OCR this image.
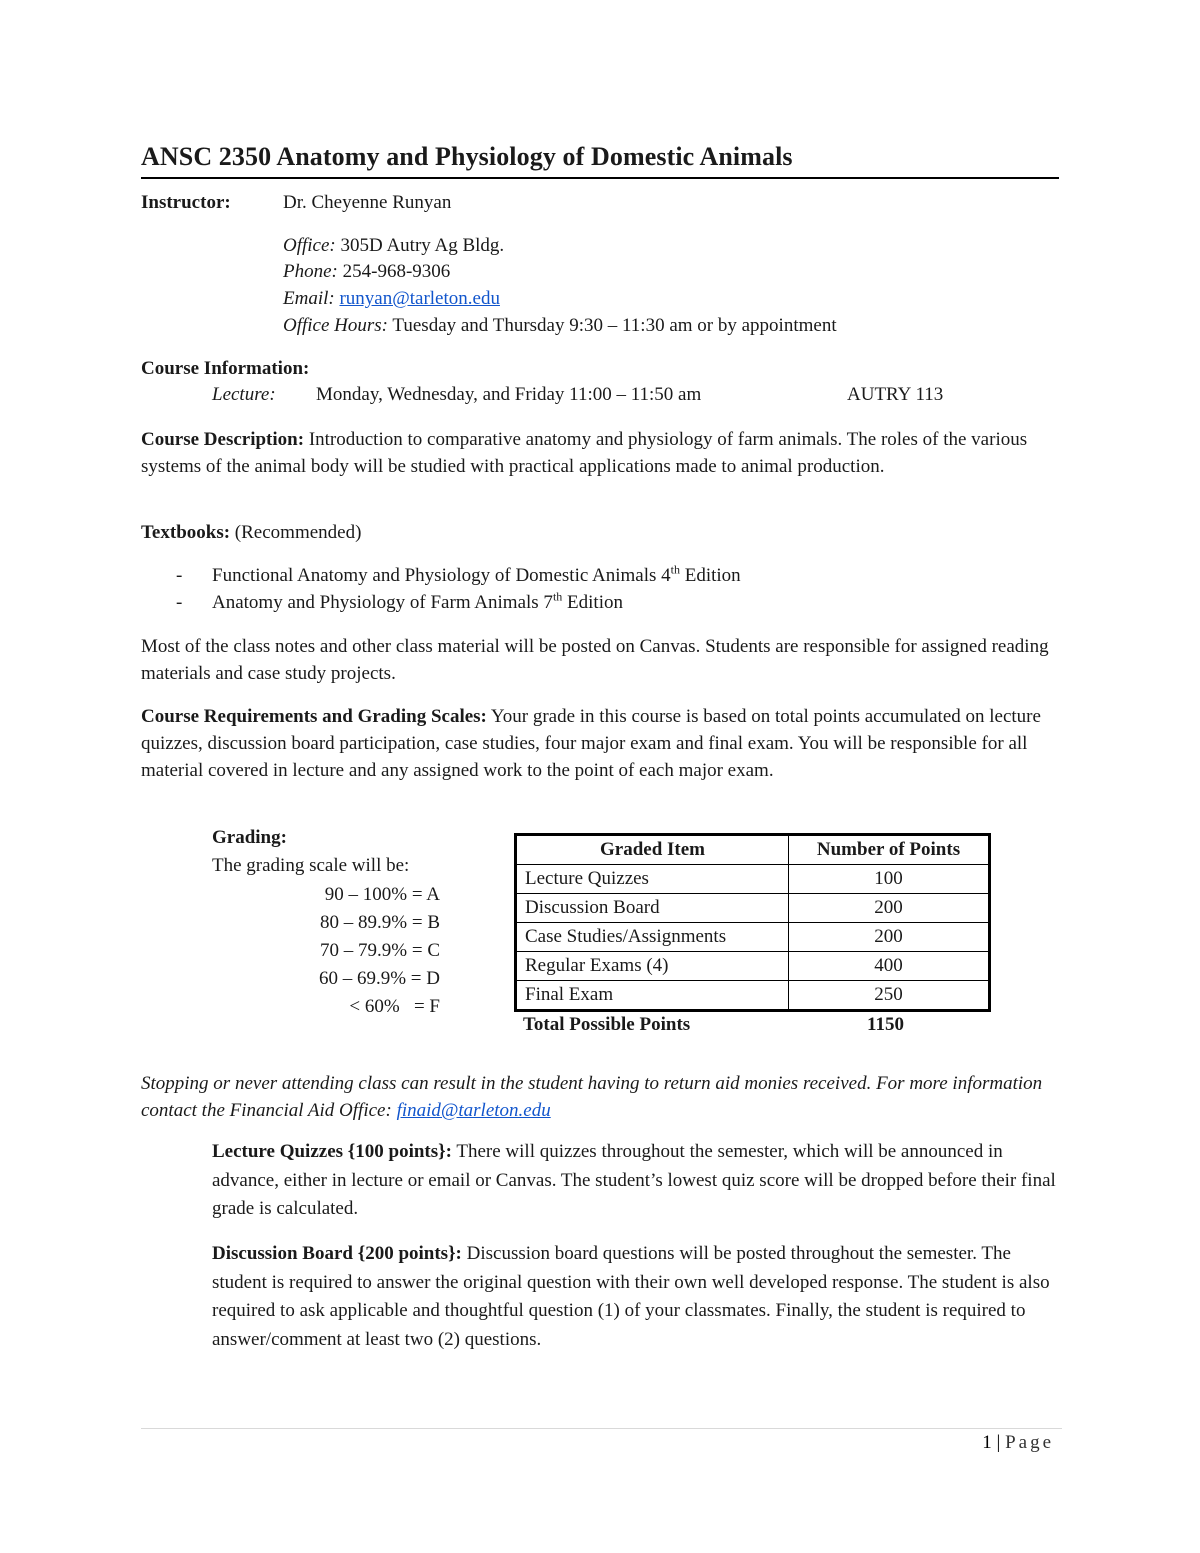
ANSC 2350 Anatomy and Physiology of Domestic Animals
Instructor:	Dr. Cheyenne Runyan
Office: 305D Autry Ag Bldg.
Phone: 254-968-9306
Email: runyan@tarleton.edu
Office Hours: Tuesday and Thursday 9:30 – 11:30 am or by appointment
Course Information:
Lecture: Monday, Wednesday, and Friday 11:00 – 11:50 am	AUTRY 113
Course Description: Introduction to comparative anatomy and physiology of farm animals. The roles of the various systems of the animal body will be studied with practical applications made to animal production.
Textbooks: (Recommended)
- Functional Anatomy and Physiology of Domestic Animals 4th Edition
- Anatomy and Physiology of Farm Animals 7th Edition
Most of the class notes and other class material will be posted on Canvas. Students are responsible for assigned reading materials and case study projects.
Course Requirements and Grading Scales: Your grade in this course is based on total points accumulated on lecture quizzes, discussion board participation, case studies, four major exam and final exam. You will be responsible for all material covered in lecture and any assigned work to the point of each major exam.
Grading:
The grading scale will be:
90 – 100% = A
80 – 89.9% = B
70 – 79.9% = C
60 – 69.9% = D
< 60%   = F
Graded Item	Number of Points
Lecture Quizzes	100
Discussion Board	200
Case Studies/Assignments	200
Regular Exams (4)	400
Final Exam	250
Total Possible Points	1150
Stopping or never attending class can result in the student having to return aid monies received. For more information contact the Financial Aid Office: finaid@tarleton.edu
Lecture Quizzes {100 points}: There will quizzes throughout the semester, which will be announced in advance, either in lecture or email or Canvas. The student’s lowest quiz score will be dropped before their final grade is calculated.
Discussion Board {200 points}: Discussion board questions will be posted throughout the semester. The student is required to answer the original question with their own well developed response. The student is also required to ask applicable and thoughtful question (1) of your classmates. Finally, the student is required to answer/comment at least two (2) questions.
1 | Page
